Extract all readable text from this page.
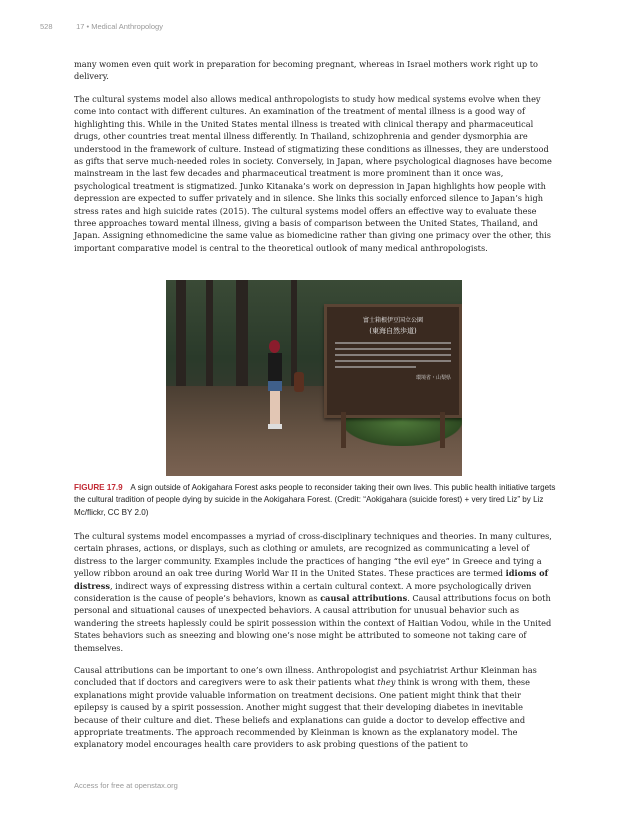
528	17 • Medical Anthropology

many women even quit work in preparation for becoming pregnant, whereas in Israel mothers work right up to delivery.

The cultural systems model also allows medical anthropologists to study how medical systems evolve when they come into contact with different cultures. An examination of the treatment of mental illness is a good way of highlighting this. While in the United States mental illness is treated with clinical therapy and pharmaceutical drugs, other countries treat mental illness differently. In Thailand, schizophrenia and gender dysmorphia are understood in the framework of culture. Instead of stigmatizing these conditions as illnesses, they are understood as gifts that serve much-needed roles in society. Conversely, in Japan, where psychological diagnoses have become mainstream in the last few decades and pharmaceutical treatment is more prominent than it once was, psychological treatment is stigmatized. Junko Kitanaka’s work on depression in Japan highlights how people with depression are expected to suffer privately and in silence. She links this socially enforced silence to Japan’s high stress rates and high suicide rates (2015). The cultural systems model offers an effective way to evaluate these three approaches toward mental illness, giving a basis of comparison between the United States, Thailand, and Japan. Assigning ethnomedicine the same value as biomedicine rather than giving one primacy over the other, this important comparative model is central to the theoretical outlook of many medical anthropologists.

富士箱根伊豆国立公園
(東海自然歩道)
環境省・山梨県
FIGURE 17.9 A sign outside of Aokigahara Forest asks people to reconsider taking their own lives. This public health initiative targets the cultural tradition of people dying by suicide in the Aokigahara Forest. (Credit: “Aokigahara (suicide forest) + very tired Liz” by Liz Mc/flickr, CC BY 2.0)

The cultural systems model encompasses a myriad of cross-disciplinary techniques and theories. In many cultures, certain phrases, actions, or displays, such as clothing or amulets, are recognized as communicating a level of distress to the larger community. Examples include the practices of hanging “the evil eye” in Greece and tying a yellow ribbon around an oak tree during World War II in the United States. These practices are termed idioms of distress, indirect ways of expressing distress within a certain cultural context. A more psychologically driven consideration is the cause of people’s behaviors, known as causal attributions. Causal attributions focus on both personal and situational causes of unexpected behaviors. A causal attribution for unusual behavior such as wandering the streets haplessly could be spirit possession within the context of Haitian Vodou, while in the United States behaviors such as sneezing and blowing one’s nose might be attributed to someone not taking care of themselves.

Causal attributions can be important to one’s own illness. Anthropologist and psychiatrist Arthur Kleinman has concluded that if doctors and caregivers were to ask their patients what they think is wrong with them, these explanations might provide valuable information on treatment decisions. One patient might think that their epilepsy is caused by a spirit possession. Another might suggest that their developing diabetes in inevitable because of their culture and diet. These beliefs and explanations can guide a doctor to develop effective and appropriate treatments. The approach recommended by Kleinman is known as the explanatory model. The explanatory model encourages health care providers to ask probing questions of the patient to

Access for free at openstax.org
